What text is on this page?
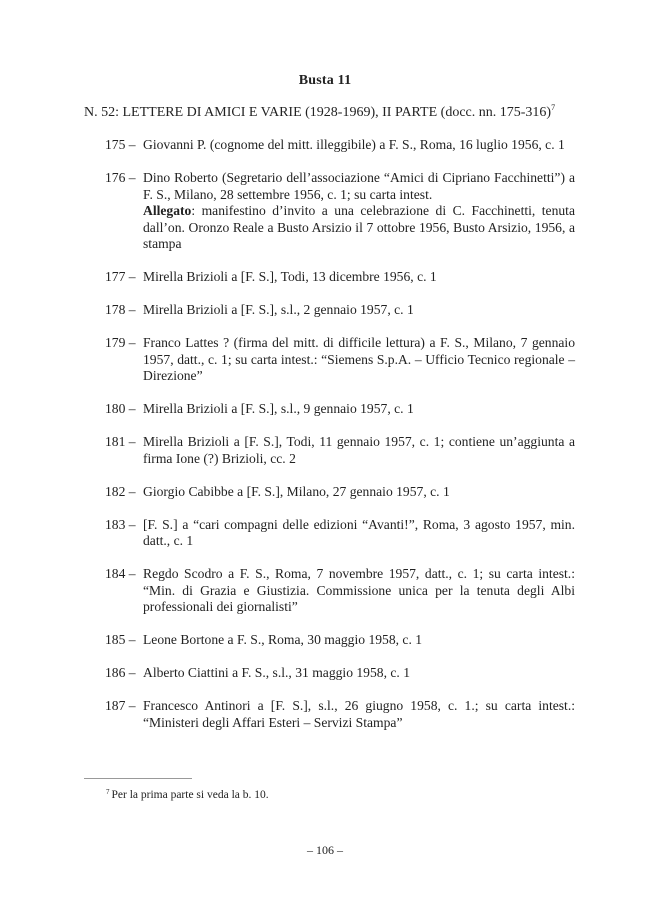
Busta 11
N. 52: LETTERE DI AMICI E VARIE (1928-1969), II PARTE (docc. nn. 175-316)$^7$
175 – Giovanni P. (cognome del mitt. illeggibile) a F. S., Roma, 16 luglio 1956, c. 1
176 – Dino Roberto (Segretario dell’associazione “Amici di Cipriano Facchinetti”) a F. S., Milano, 28 settembre 1956, c. 1; su carta intest.
Allegato: manifestino d’invito a una celebrazione di C. Facchinetti, tenuta dall’on. Oronzo Reale a Busto Arsizio il 7 ottobre 1956, Busto Arsizio, 1956, a stampa
177 – Mirella Brizioli a [F. S.], Todi, 13 dicembre 1956, c. 1
178 – Mirella Brizioli a [F. S.], s.l., 2 gennaio 1957, c. 1
179 – Franco Lattes ? (firma del mitt. di difficile lettura) a F. S., Milano, 7 gennaio 1957, datt., c. 1; su carta intest.: “Siemens S.p.A. – Ufficio Tecnico regionale – Direzione”
180 – Mirella Brizioli a [F. S.], s.l., 9 gennaio 1957, c. 1
181 – Mirella Brizioli a [F. S.], Todi, 11 gennaio 1957, c. 1; contiene un’aggiunta a firma Ione (?) Brizioli, cc. 2
182 – Giorgio Cabibbe a [F. S.], Milano, 27 gennaio 1957, c. 1
183 – [F. S.] a “cari compagni delle edizioni “Avanti!”, Roma, 3 agosto 1957, min. datt., c. 1
184 – Regdo Scodro a F. S., Roma, 7 novembre 1957, datt., c. 1; su carta intest.: “Min. di Grazia e Giustizia. Commissione unica per la tenuta degli Albi professionali dei giornalisti”
185 – Leone Bortone a F. S., Roma, 30 maggio 1958, c. 1
186 – Alberto Ciattini a F. S., s.l., 31 maggio 1958, c. 1
187 – Francesco Antinori a [F. S.], s.l., 26 giugno 1958, c. 1.; su carta intest.: “Ministeri degli Affari Esteri – Servizi Stampa”
$^7$ Per la prima parte si veda la b. 10.
– 106 –
